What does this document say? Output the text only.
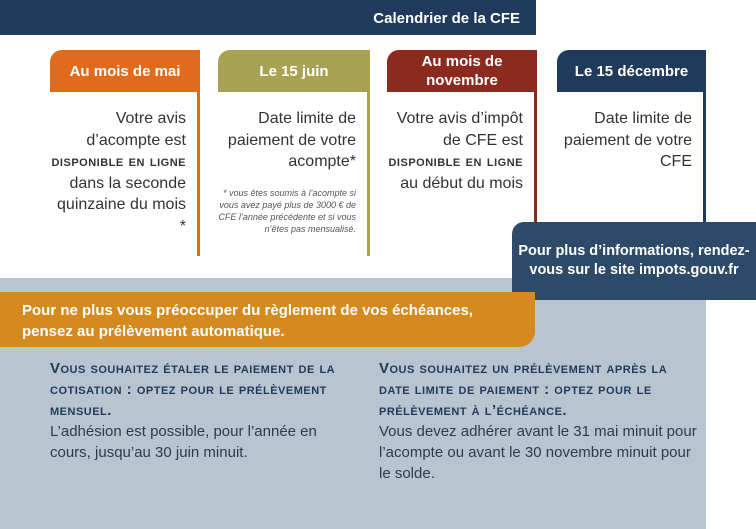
Calendrier de la CFE
Au mois de mai
Votre avis d’acompte est
disponible en ligne dans la seconde quinzaine du mois *
Le 15 juin
Date limite de paiement de votre acompte*
* vous êtes soumis à l’acompte si vous avez payé plus de 3000 € de CFE l’année précédente et si vous n’êtes pas mensualisé.
Au mois de novembre
Votre avis d’impôt de CFE est
disponible en ligne au début du mois
Le 15 décembre
Date limite de paiement de votre CFE
Pour plus d’informations, rendez-vous sur le site impots.gouv.fr
Pour ne plus vous préoccuper du règlement de vos échéances, pensez au prélèvement automatique.
Vous souhaitez étaler le paiement de la cotisation : optez pour le prélèvement mensuel.
L’adhésion est possible, pour l’année en cours, jusqu’au 30 juin minuit.
Vous souhaitez un prélèvement après la date limite de paiement : optez pour le prélèvement à l’échéance.
Vous devez adhérer avant le 31 mai minuit pour l’acompte ou avant le 30 novembre minuit pour le solde.
